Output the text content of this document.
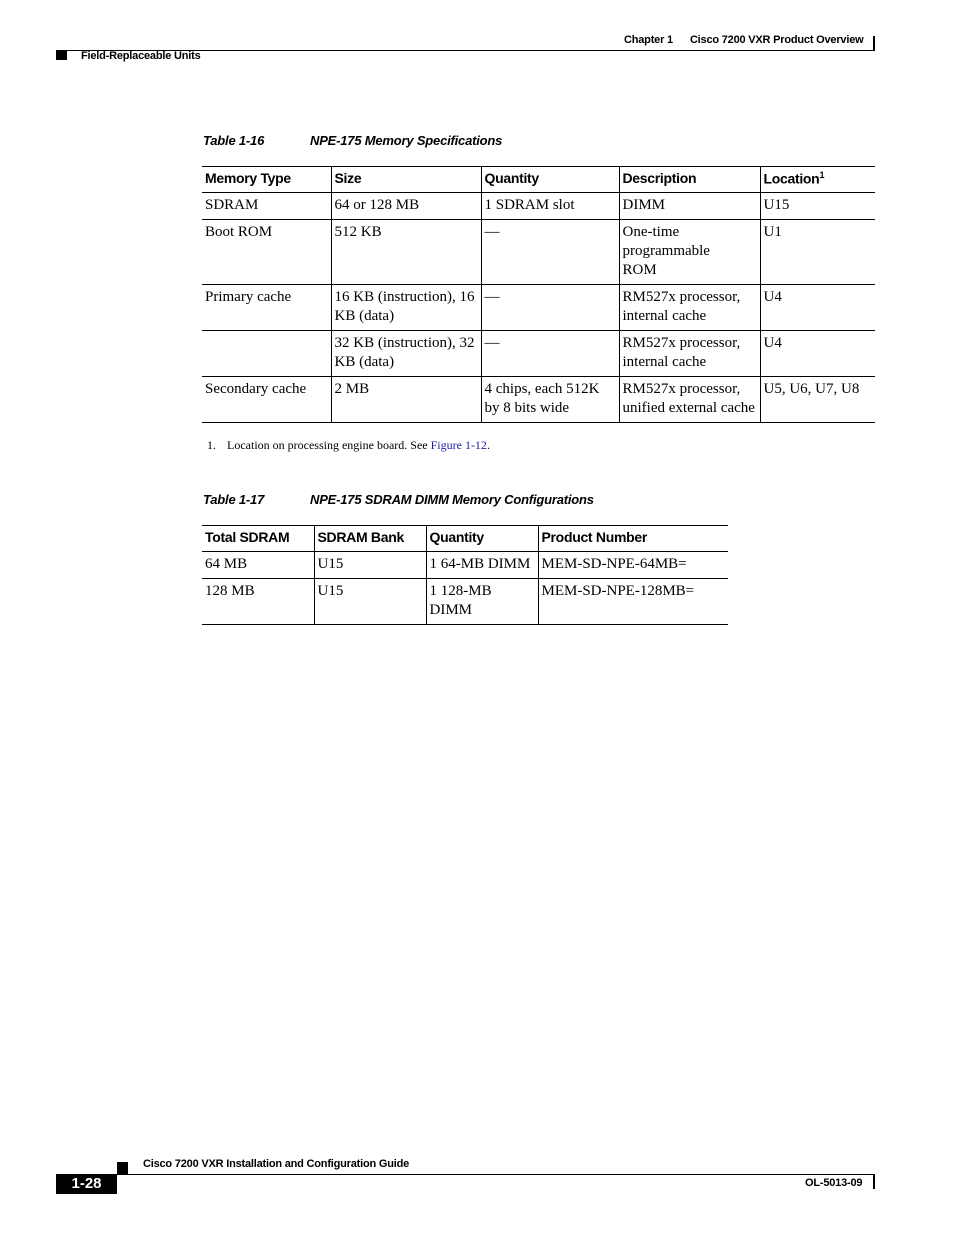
Chapter 1 Cisco 7200 VXR Product Overview
Field-Replaceable Units
Table 1-16	NPE-175 Memory Specifications
Memory Type	Size	Quantity	Description	Location$^1$
SDRAM	64 or 128 MB	1 SDRAM slot	DIMM	U15
Boot ROM	512 KB	—	One-time programmable ROM	U1
Primary cache	16 KB (instruction), 16 KB (data)	—	RM527x processor, internal cache	U4
	32 KB (instruction), 32 KB (data)	—	RM527x processor, internal cache	U4
Secondary cache	2 MB	4 chips, each 512K by 8 bits wide	RM527x processor, unified external cache	U5, U6, U7, U8
1. Location on processing engine board. See Figure 1-12.
Table 1-17	NPE-175 SDRAM DIMM Memory Configurations
Total SDRAM	SDRAM Bank	Quantity	Product Number
64 MB	U15	1 64-MB DIMM	MEM-SD-NPE-64MB=
128 MB	U15	1 128-MB DIMM	MEM-SD-NPE-128MB=
Cisco 7200 VXR Installation and Configuration Guide
1-28	OL-5013-09
